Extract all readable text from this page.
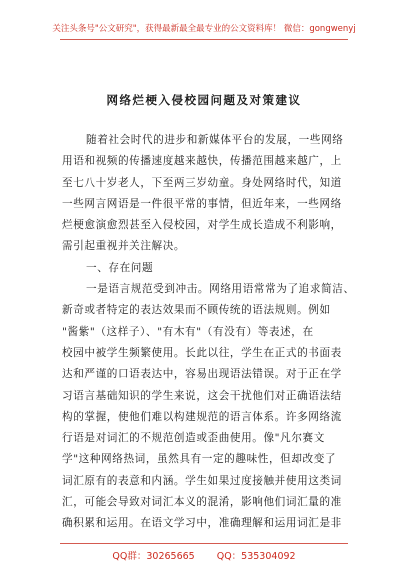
关注头条号"公文研究"，获得最新最全最专业的公文资料库！ 微信：gongwenyj
网络烂梗入侵校园问题及对策建议
随着社会时代的进步和新媒体平台的发展，一些网络
用语和视频的传播速度越来越快，传播范围越来越广，上
至七八十岁老人，下至两三岁幼童。身处网络时代，知道
一些网言网语是一件很平常的事情，但近年来，一些网络
烂梗愈演愈烈甚至入侵校园，对学生成长造成不利影响，
需引起重视并关注解决。
一、存在问题
一是语言规范受到冲击。网络用语常常为了追求简洁、
新奇或者特定的表达效果而不顾传统的语法规则。例如
"酱紫"（这样子）、"有木有"（有没有）等表述，在
校园中被学生频繁使用。长此以往，学生在正式的书面表
达和严谨的口语表达中，容易出现语法错误。对于正在学
习语言基础知识的学生来说，这会干扰他们对正确语法结
构的掌握，使他们难以构建规范的语言体系。许多网络流
行语是对词汇的不规范创造或歪曲使用。像"凡尔赛文
学"这种网络热词，虽然具有一定的趣味性，但却改变了
词汇原有的表意和内涵。学生如果过度接触并使用这类词
汇，可能会导致对词汇本义的混淆，影响他们词汇量的准
确积累和运用。在语文学习中，准确理解和运用词汇是非
QQ群：30265665 QQ：535304092
